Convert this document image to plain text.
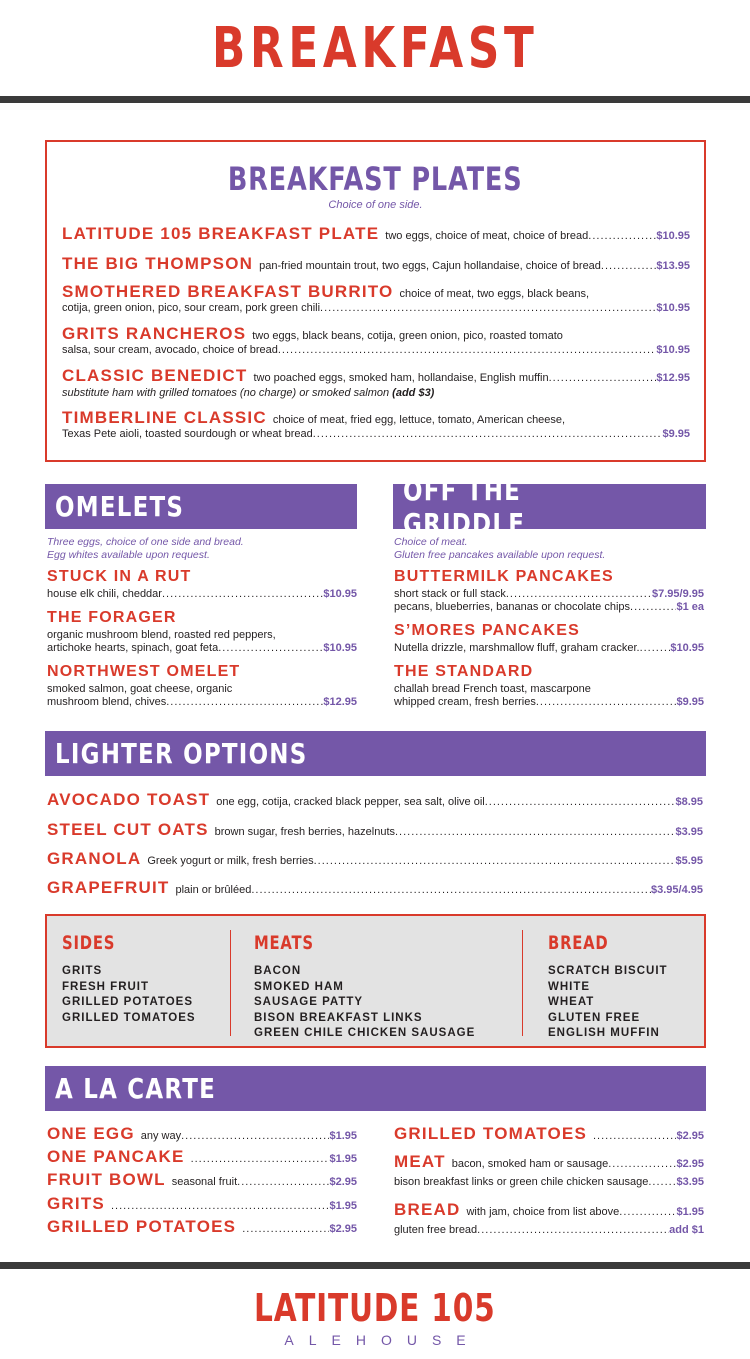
BREAKFAST
BREAKFAST PLATES
Choice of one side.
LATITUDE 105 BREAKFAST PLATE two eggs, choice of meat, choice of bread .....	$10.95
THE BIG THOMPSON pan-fried mountain trout, two eggs, Cajun hollandaise, choice of bread .....	$13.95
SMOTHERED BREAKFAST BURRITO choice of meat, two eggs, black beans,
cotija, green onion, pico, sour cream, pork green chili .....	$10.95
GRITS RANCHEROS two eggs, black beans, cotija, green onion, pico, roasted tomato
salsa, sour cream, avocado, choice of bread .....	$10.95
CLASSIC BENEDICT two poached eggs, smoked ham, hollandaise, English muffin .....	$12.95
substitute ham with grilled tomatoes (no charge) or smoked salmon
(add $3)
TIMBERLINE CLASSIC choice of meat, fried egg, lettuce, tomato, American cheese,
Texas Pete aioli, toasted sourdough or wheat bread .....	$9.95
OMELETS
Three eggs, choice of one side and bread.
Egg whites available upon request.
STUCK IN A RUT
house elk chili, cheddar .....	$10.95
THE FORAGER
organic mushroom blend, roasted red peppers,
artichoke hearts, spinach, goat feta .....	$10.95
NORTHWEST OMELET
smoked salmon, goat cheese, organic
mushroom blend, chives .....	$12.95
OFF THE GRIDDLE
Choice of meat.
Gluten free pancakes available upon request.
BUTTERMILK PANCAKES
short stack or full stack .....	$7.95/9.95
pecans, blueberries, bananas or chocolate chips .....	$1 ea
S’MORES PANCAKES
Nutella drizzle, marshmallow fluff, graham cracker. .....	$10.95
THE STANDARD
challah bread French toast, mascarpone
whipped cream, fresh berries .....	$9.95
LIGHTER OPTIONS
AVOCADO TOAST one egg, cotija, cracked black pepper, sea salt, olive oil .....	$8.95
STEEL CUT OATS brown sugar, fresh berries, hazelnuts .....	$3.95
GRANOLA Greek yogurt or milk, fresh berries .....	$5.95
GRAPEFRUIT plain or brûléed .....	$3.95/4.95
SIDES
GRITS
FRESH FRUIT
GRILLED POTATOES
GRILLED TOMATOES
MEATS
BACON
SMOKED HAM
SAUSAGE PATTY
BISON BREAKFAST LINKS
GREEN CHILE CHICKEN SAUSAGE
BREAD
SCRATCH BISCUIT
WHITE
WHEAT
GLUTEN FREE
ENGLISH MUFFIN
A LA CARTE
ONE EGG any way .....	$1.95
ONE PANCAKE .....	$1.95
FRUIT BOWL seasonal fruit .....	$2.95
GRITS .....	$1.95
GRILLED POTATOES .....	$2.95
GRILLED TOMATOES .....	$2.95
MEAT bacon, smoked ham or sausage .....	$2.95
bison breakfast links or green chile chicken sausage .....	$3.95
BREAD with jam, choice from list above .....	$1.95
gluten free bread .....	add $1
LATITUDE 105
ALEHOUSE
